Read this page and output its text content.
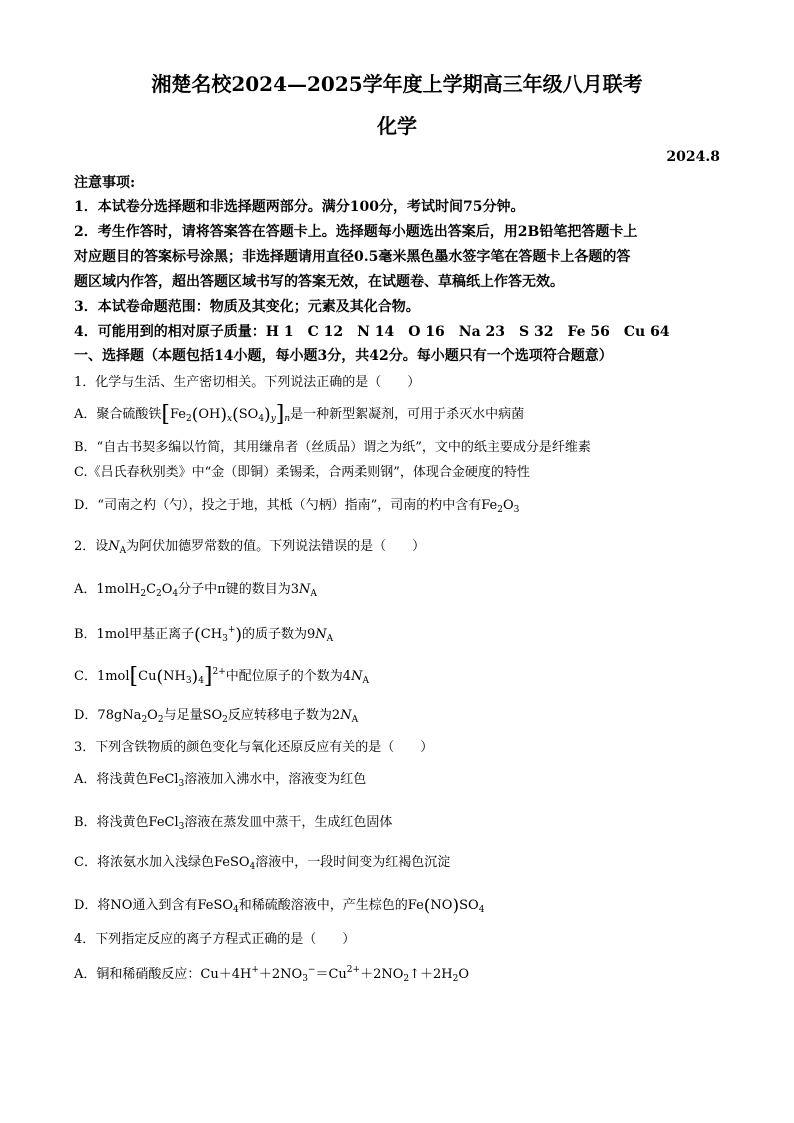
湘楚名校2024—2025学年度上学期高三年级八月联考
化学
2024.8
注意事项:
1．本试卷分选择题和非选择题两部分。满分100分，考试时间75分钟。
2．考生作答时，请将答案答在答题卡上。选择题每小题选出答案后，用2B铅笔把答题卡上
对应题目的答案标号涂黑；非选择题请用直径0.5毫米黑色墨水签字笔在答题卡上各题的答
题区域内作答，超出答题区域书写的答案无效，在试题卷、草稿纸上作答无效。
3．本试卷命题范围：物质及其变化；元素及其化合物。
4．可能用到的相对原子质量：H 1　C 12　N 14　O 16　Na 23　S 32　Fe 56　Cu 64
一、选择题（本题包括14小题，每小题3分，共42分。每小题只有一个选项符合题意）
1．化学与生活、生产密切相关。下列说法正确的是（　　）
A．聚合硫酸铁$[Fe_2(OH)_x(SO_4)_y]_n$是一种新型絮凝剂，可用于杀灭水中病菌
B．“自古书契多编以竹简，其用缣帛者（丝质品）谓之为纸”，文中的纸主要成分是纤维素
C.《吕氏春秋别类》中“金（即铜）柔锡柔，合两柔则钢”，体现合金硬度的特性
D．“司南之杓（勺），投之于地，其柢（勺柄）指南”，司南的杓中含有$Fe_2O_3$
2．设$N_A$为阿伏加德罗常数的值。下列说法错误的是（　　）
A．$1molH_2C_2O_4$分子中π键的数目为$3N_A$
B．1mol甲基正离子$(CH_3^+)$的质子数为$9N_A$
C．$1mol[Cu(NH_3)_4]^{2+}$中配位原子的个数为$4N_A$
D．$78gNa_2O_2$与足量$SO_2$反应转移电子数为$2N_A$
3．下列含铁物质的颜色变化与氧化还原反应有关的是（　　）
A．将浅黄色FeCl$_3$溶液加入沸水中，溶液变为红色
B．将浅黄色FeCl$_3$溶液在蒸发皿中蒸干，生成红色固体
C．将浓氨水加入浅绿色FeSO$_4$溶液中，一段时间变为红褐色沉淀
D．将NO通入到含有FeSO$_4$和稀硫酸溶液中，产生棕色的$Fe(NO)SO_4$
4．下列指定反应的离子方程式正确的是（　　）
A．铜和稀硝酸反应：$Cu+4H^++2NO_3^-=Cu^{2+}+2NO_2↑+2H_2O$
